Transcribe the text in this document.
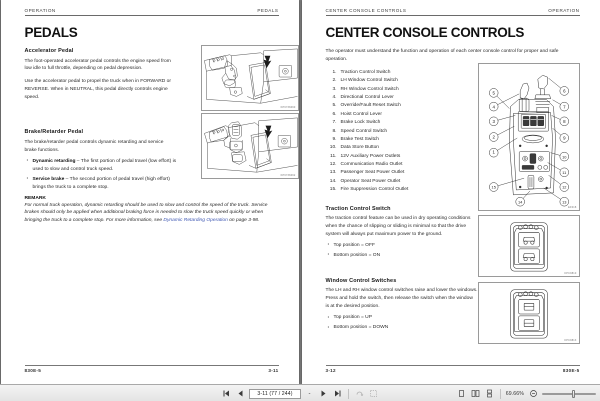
OPERATION	PEDALS
PEDALS
Accelerator Pedal

The foot-operated accelerator pedal controls the engine speed from low idle to full throttle, depending on pedal depression.

Use the accelerator pedal to propel the truck when in FORWARD or REVERSE. When in NEUTRAL, this pedal directly controls engine speed.

KP6738490
Brake/Retarder Pedal

The brake/retarder pedal controls dynamic retarding and service brake functions.

· Dynamic retarding – The first portion of pedal travel (low effort) is used to slow and control truck speed.
· Service brake – The second portion of pedal travel (high effort) brings the truck to a complete stop.
KP6738492
REMARK

For normal truck operation, dynamic retarding should be used to slow and control the speed of the truck. Service brakes should only be applied when additional braking force is needed to slow the truck speed quickly or when bringing the truck to a complete stop. For more information, see Dynamic Retarding Operation on page 3-98.

830E-5	3-11
CENTER CONSOLE CONTROLS	OPERATION
CENTER CONSOLE CONTROLS

The operator must understand the function and operation of each center console control for proper and safe operation.

1. Traction Control Switch
2. LH Window Control Switch
3. RH Window Control Switch
4. Directional Control Lever
5. Override/Fault Reset Switch
6. Hoist Control Lever
7. Brake Lock Switch
8. Speed Control Switch
9. Brake Test Switch
10. Data Store Button
11. 12V Auxiliary Power Outlets
12. Communication Radio Outlet
13. Passenger Seat Power Outlet
14. Operator Seat Power Outlet
15. Fire Suppression Control Outlet
1
2
3
4
5	6
7
8
9
10
11
12
13
15
14
EF018
Traction Control Switch

The traction control feature can be used in dry operating conditions when the chance of slipping or sliding is minimal so that the drive system will always put maximum power to the ground.

· Top position = OFF
· Bottom position = ON
KPC9810
Window Control Switches

The LH and RH window control switches raise and lower the windows. Press and hold the switch, then release the switch when the window is at the desired position.

· Top position = UP
· Bottom position = DOWN
KPC9813
3-12	830E-5
3-11 (77 / 244)	-	69.66%
